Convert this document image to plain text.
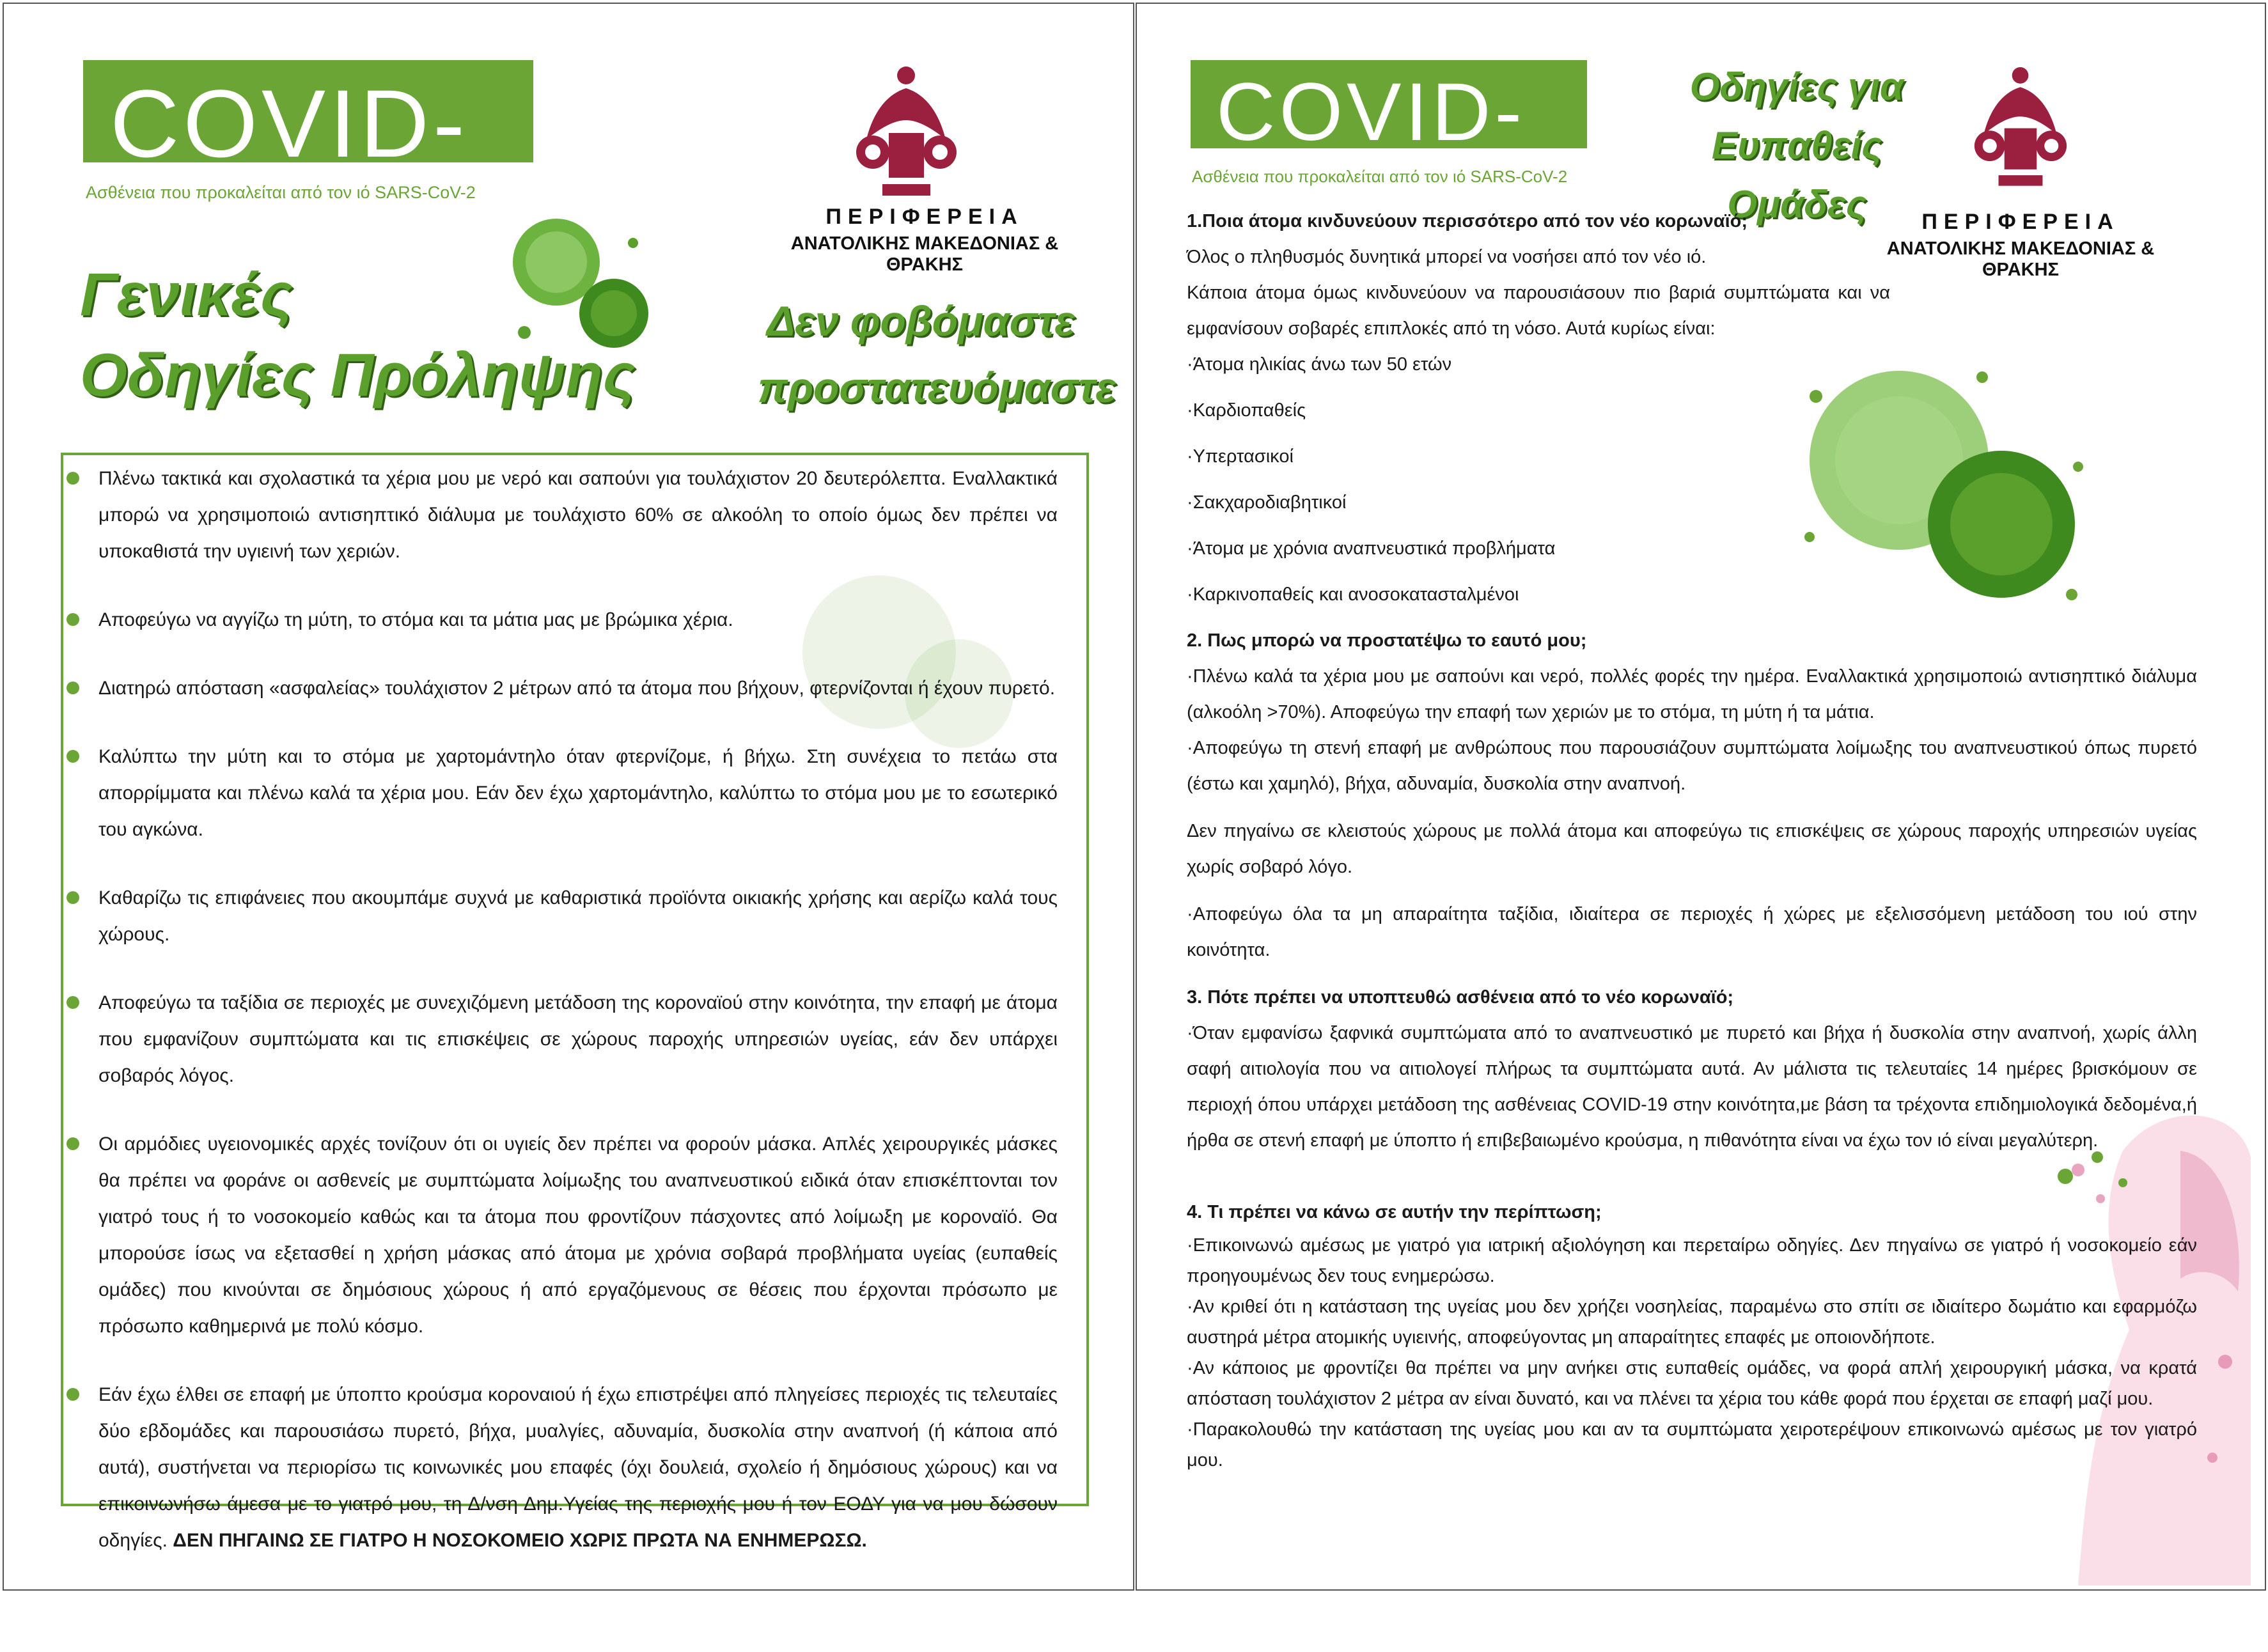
COVID-19
Ασθένεια που προκαλείται από τον ιό SARS-CoV-2
Γενικές
Οδηγίες Πρόληψης
ΠΕΡΙΦΕΡΕΙΑ
ΑΝΑΤΟΛΙΚΗΣ ΜΑΚΕΔΟΝΙΑΣ & ΘΡΑΚΗΣ
Δεν φοβόμαστε
προστατευόμαστε
Πλένω τακτικά και σχολαστικά τα χέρια μου με νερό και σαπούνι για τουλάχιστον 20 δευτερόλεπτα. Εναλλακτικά μπορώ να χρησιμοποιώ αντισηπτικό διάλυμα με τουλάχιστο 60% σε αλκοόλη το οποίο όμως δεν πρέπει να υποκαθιστά την υγιεινή των χεριών.
Αποφεύγω να αγγίζω τη μύτη, το στόμα και τα μάτια μας με βρώμικα χέρια.
Διατηρώ απόσταση «ασφαλείας» τουλάχιστον 2 μέτρων από τα άτομα που βήχουν, φτερνίζονται ή έχουν πυρετό.
Καλύπτω την μύτη και το στόμα με χαρτομάντηλο όταν φτερνίζομε, ή βήχω. Στη συνέχεια το πετάω στα απορρίμματα και πλένω καλά τα χέρια μου. Εάν δεν έχω χαρτομάντηλο, καλύπτω το στόμα μου με το εσωτερικό του αγκώνα.
Καθαρίζω τις επιφάνειες που ακουμπάμε συχνά με καθαριστικά προϊόντα οικιακής χρήσης και αερίζω καλά τους χώρους.
Αποφεύγω τα ταξίδια σε περιοχές με συνεχιζόμενη μετάδοση της κοροναϊού στην κοινότητα, την επαφή με άτομα που εμφανίζουν συμπτώματα και τις επισκέψεις σε χώρους παροχής υπηρεσιών υγείας, εάν δεν υπάρχει σοβαρός λόγος.
Οι αρμόδιες υγειονομικές αρχές τονίζουν ότι οι υγιείς δεν πρέπει να φορούν μάσκα. Απλές χειρουργικές μάσκες θα πρέπει να φοράνε οι ασθενείς με συμπτώματα λοίμωξης του αναπνευστικού ειδικά όταν επισκέπτονται τον γιατρό τους ή το νοσοκομείο καθώς και τα άτομα που φροντίζουν πάσχοντες από λοίμωξη με κοροναϊό. Θα μπορούσε ίσως να εξετασθεί η χρήση μάσκας από άτομα με χρόνια σοβαρά προβλήματα υγείας (ευπαθείς ομάδες) που κινούνται σε δημόσιους χώρους ή από εργαζόμενους σε θέσεις που έρχονται πρόσωπο με πρόσωπο καθημερινά με πολύ κόσμο.
Εάν έχω έλθει σε επαφή με ύποπτο κρούσμα κοροναιού ή έχω επιστρέψει από πληγείσες περιοχές τις τελευταίες δύο εβδομάδες και παρουσιάσω πυρετό, βήχα, μυαλγίες, αδυναμία, δυσκολία στην αναπνοή (ή κάποια από αυτά), συστήνεται να περιορίσω τις κοινωνικές μου επαφές (όχι δουλειά, σχολείο ή δημόσιους χώρους) και να επικοινωνήσω άμεσα με το γιατρό μου, τη Δ/νση Δημ.Υγείας της περιοχής μου ή τον ΕΟΔΥ για να μου δώσουν οδηγίες. ΔΕΝ ΠΗΓΑΙΝΩ ΣΕ ΓΙΑΤΡΟ Η ΝΟΣΟΚΟΜΕΙΟ ΧΩΡΙΣ ΠΡΩΤΑ ΝΑ ΕΝΗΜΕΡΩΣΩ.
COVID-19
Ασθένεια που προκαλείται από τον ιό SARS-CoV-2
Οδηγίες για
Ευπαθείς Ομάδες	ΠΕΡΙΦΕΡΕΙΑ
ΑΝΑΤΟΛΙΚΗΣ ΜΑΚΕΔΟΝΙΑΣ & ΘΡΑΚΗΣ

1.Ποια άτομα κινδυνεύουν περισσότερο από τον νέο κορωναϊό;

Όλος ο πληθυσμός δυνητικά μπορεί να νοσήσει από τον νέο ιό.

Κάποια άτομα όμως κινδυνεύουν να παρουσιάσουν πιο βαριά συμπτώματα και να εμφανίσουν σοβαρές επιπλοκές από τη νόσο. Αυτά κυρίως είναι:

·Άτομα ηλικίας άνω των 50 ετών

·Καρδιοπαθείς

·Υπερτασικοί

·Σακχαροδιαβητικοί

·Άτομα με χρόνια αναπνευστικά προβλήματα

·Καρκινοπαθείς και ανοσοκατασταλμένοι

2. Πως μπορώ να προστατέψω το εαυτό μου;

·Πλένω καλά τα χέρια μου με σαπούνι και νερό, πολλές φορές την ημέρα. Εναλλακτικά χρησιμοποιώ αντισηπτικό διάλυμα (αλκοόλη >70%). Αποφεύγω την επαφή των χεριών με το στόμα, τη μύτη ή τα μάτια.

·Αποφεύγω τη στενή επαφή με ανθρώπους που παρουσιάζουν συμπτώματα λοίμωξης του αναπνευστικού όπως πυρετό (έστω και χαμηλό), βήχα, αδυναμία, δυσκολία στην αναπνοή.

Δεν πηγαίνω σε κλειστούς χώρους με πολλά άτομα και αποφεύγω τις επισκέψεις σε χώρους παροχής υπηρεσιών υγείας χωρίς σοβαρό λόγο.

·Αποφεύγω όλα τα μη απαραίτητα ταξίδια, ιδιαίτερα σε περιοχές ή χώρες με εξελισσόμενη μετάδοση του ιού στην κοινότητα.

3. Πότε πρέπει να υποπτευθώ ασθένεια από το νέο κορωναϊό;

·Όταν εμφανίσω ξαφνικά συμπτώματα από το αναπνευστικό με πυρετό και βήχα ή δυσκολία στην αναπνοή, χωρίς άλλη σαφή αιτιολογία που να αιτιολογεί πλήρως τα συμπτώματα αυτά. Αν μάλιστα τις τελευταίες 14 ημέρες βρισκόμουν σε περιοχή όπου υπάρχει μετάδοση της ασθένειας COVID-19 στην κοινότητα,με βάση τα τρέχοντα επιδημιολογικά δεδομένα,ή ήρθα σε στενή επαφή με ύποπτο ή επιβεβαιωμένο κρούσμα, η πιθανότητα είναι να έχω τον ιό είναι μεγαλύτερη.

4. Τι πρέπει να κάνω σε αυτήν την περίπτωση;

·Επικοινωνώ αμέσως με γιατρό για ιατρική αξιολόγηση και περεταίρω οδηγίες. Δεν πηγαίνω σε γιατρό ή νοσοκομείο εάν προηγουμένως δεν τους ενημερώσω.

·Αν κριθεί ότι η κατάσταση της υγείας μου δεν χρήζει νοσηλείας, παραμένω στο σπίτι σε ιδιαίτερο δωμάτιο και εφαρμόζω αυστηρά μέτρα ατομικής υγιεινής, αποφεύγοντας μη απαραίτητες επαφές με οποιονδήποτε.

·Αν κάποιος με φροντίζει θα πρέπει να μην ανήκει στις ευπαθείς ομάδες, να φορά απλή χειρουργική μάσκα, να κρατά απόσταση τουλάχιστον 2 μέτρα αν είναι δυνατό, και να πλένει τα χέρια του κάθε φορά που έρχεται σε επαφή μαζί μου.

·Παρακολουθώ την κατάσταση της υγείας μου και αν τα συμπτώματα χειροτερέψουν επικοινωνώ αμέσως με τον γιατρό μου.
